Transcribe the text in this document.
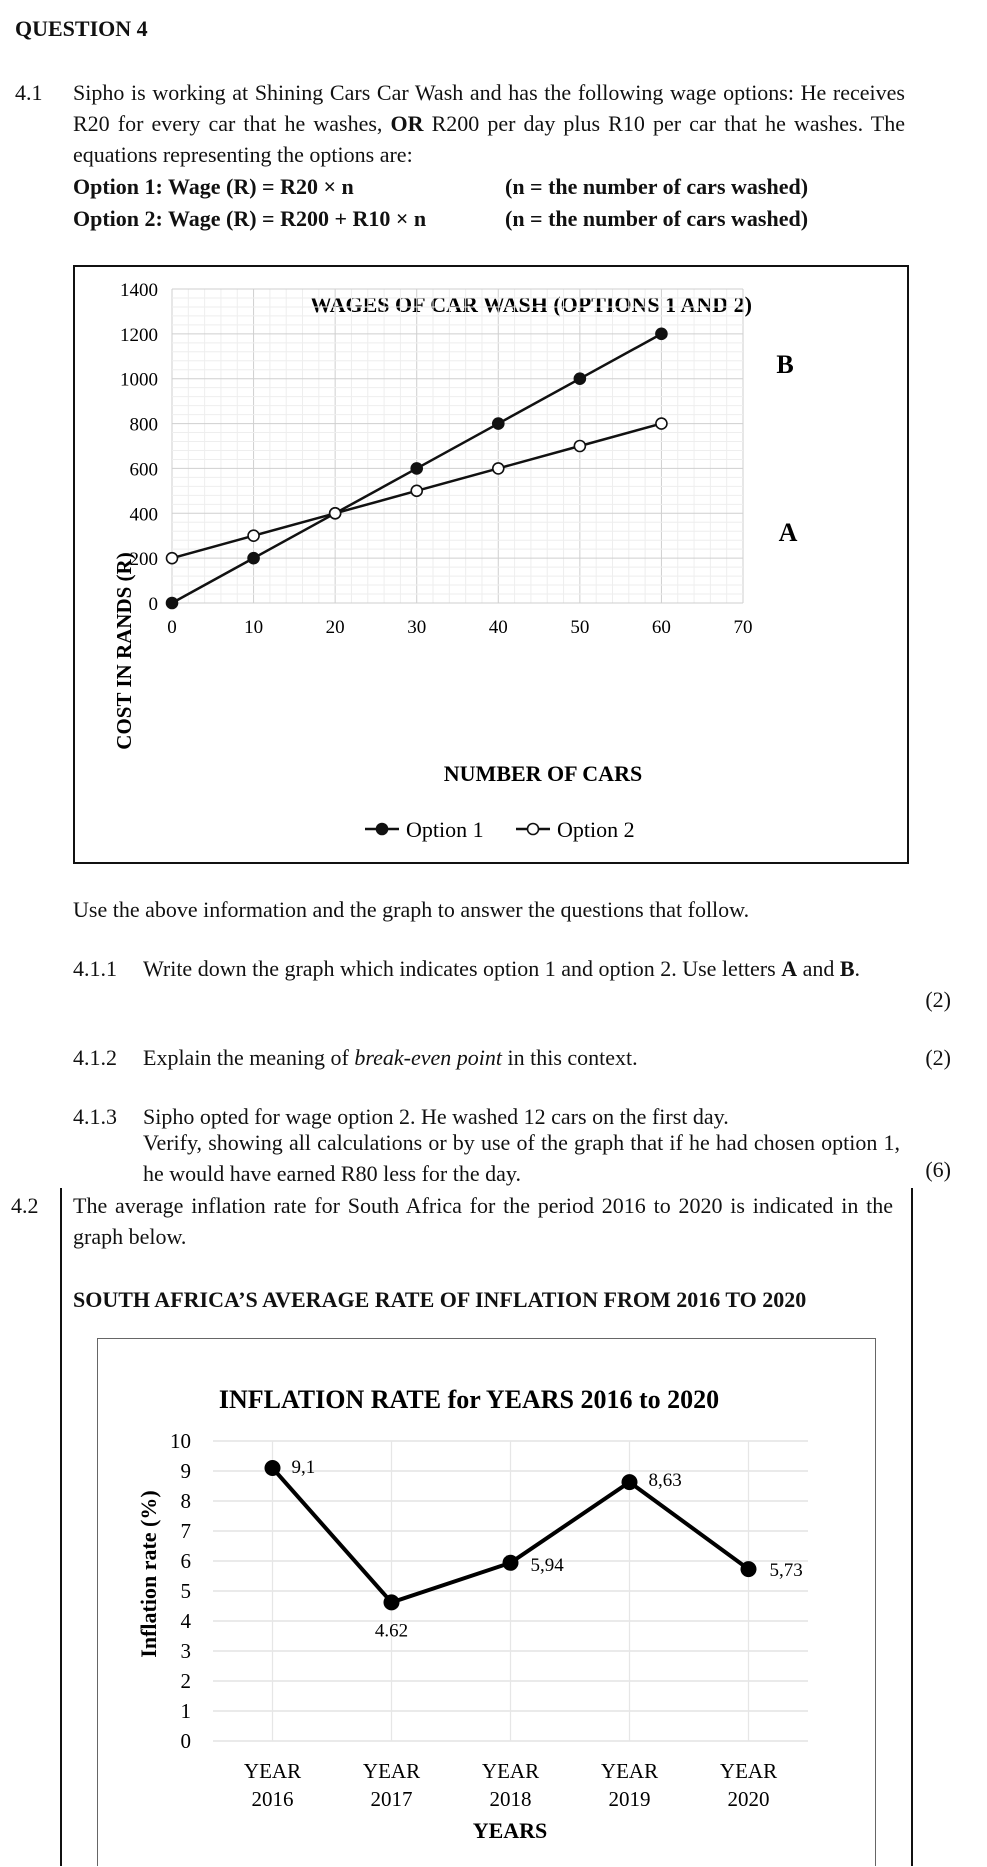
QUESTION 4
4.1 Sipho is working at Shining Cars Car Wash and has the following wage options: He receives R20 for every car that he washes, OR R200 per day plus R10 per car that he washes. The equations representing the options are:
Option 1: Wage (R) = R20 × n	(n = the number of cars washed)
Option 2: Wage (R) = R200 + R10 × n	(n = the number of cars washed)
WAGES OF CAR WASH (OPTIONS 1 AND 2)
0
200
400
600
800
1000
1200
1400
0	10	20	30	40	50	60	70
COST IN RANDS (R)
NUMBER OF CARS
B
A
Option 1	Option 2
Use the above information and the graph to answer the questions that follow.
4.1.1 Write down the graph which indicates option 1 and option 2. Use letters A and B.
(2)
4.1.2 Explain the meaning of break-even point in this context.	(2)
4.1.3 Sipho opted for wage option 2. He washed 12 cars on the first day.
Verify, showing all calculations or by use of the graph that if he had chosen option 1, he would have earned R80 less for the day.	(6)
4.2 The average inflation rate for South Africa for the period 2016 to 2020 is indicated in the graph below.
SOUTH AFRICA’S AVERAGE RATE OF INFLATION FROM 2016 TO 2020
INFLATION RATE for YEARS 2016 to 2020
0
1
2
3
4
5
6
7
8
9
10
YEAR
2016
YEAR
2017
YEAR
2018
YEAR
2019
YEAR
2020
Inflation rate (%)
YEARS
9,1
4.62
5,94
8,63
5,73
